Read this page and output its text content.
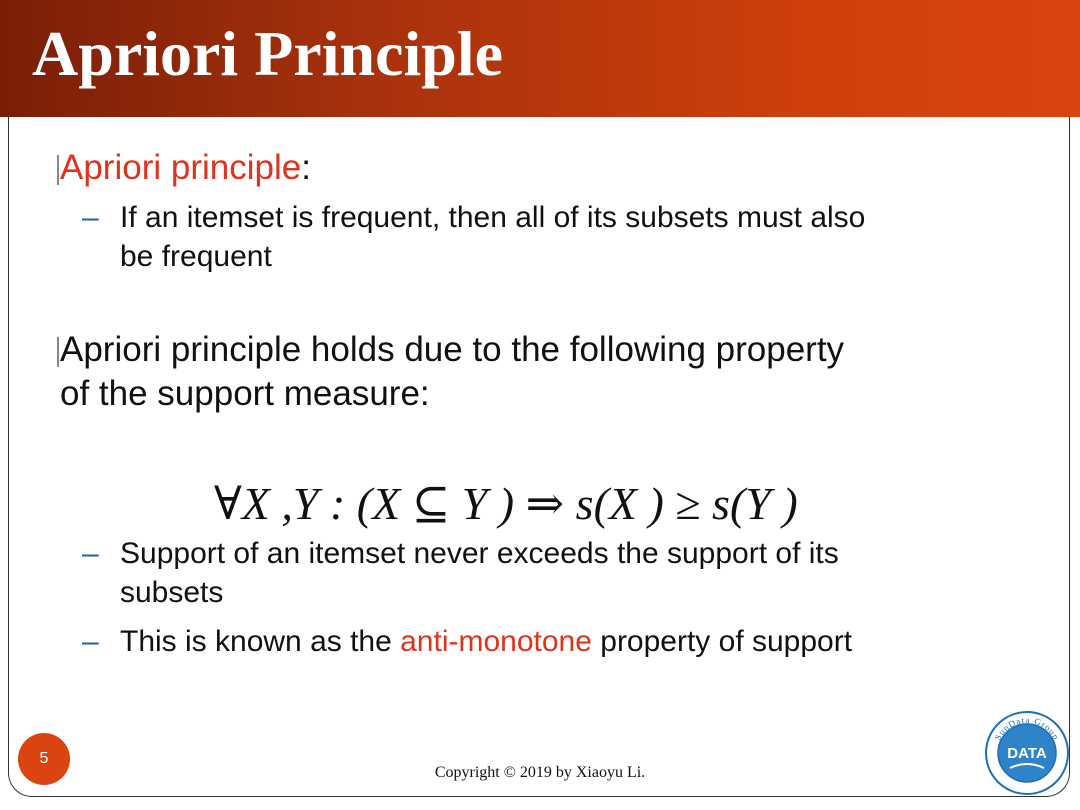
Apriori Principle

Apriori principle:

– If an itemset is frequent, then all of its subsets must also
be frequent

Apriori principle holds due to the following property
of the support measure:

∀X ,Y : (X ⊆ Y ) ⇒ s(X ) ≥ s(Y )
– Support of an itemset never exceeds the support of its
subsets
– This is known as the anti-monotone property of support
5
Copyright © 2019 by Xiaoyu Li.
SunData Group
DATA
